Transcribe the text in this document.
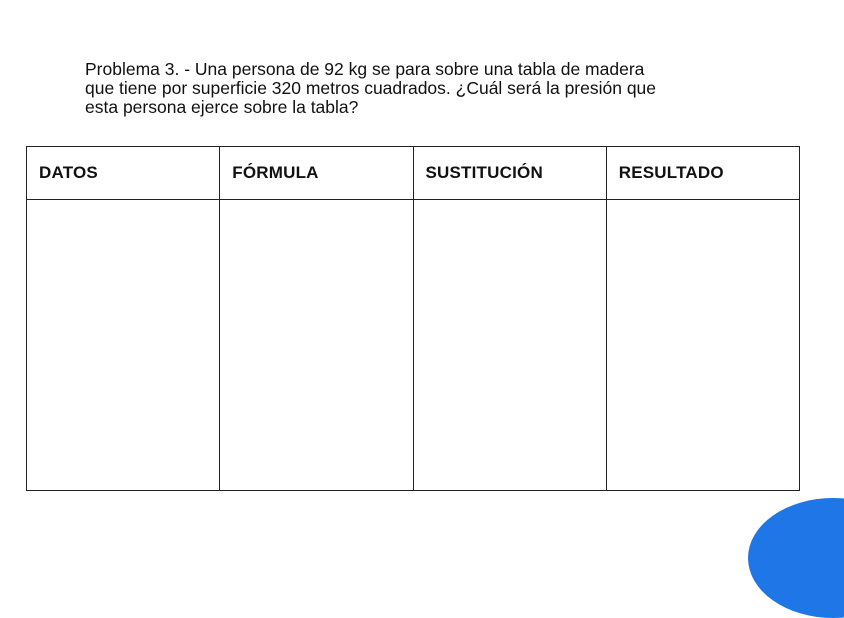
Problema 3. - Una persona de 92 kg se para sobre una tabla de madera
que tiene por superficie 320 metros cuadrados. ¿Cuál será la presión que
esta persona ejerce sobre la tabla?

DATOS	FÓRMULA	SUSTITUCIÓN	RESULTADO
